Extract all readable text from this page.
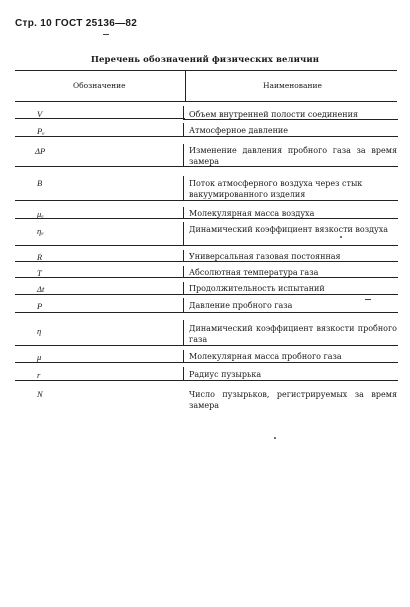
Стр. 10 ГОСТ 25136—82
Перечень обозначений физических величин
Обозначение	Наименование
V	Объем внутренней полости соединения
Pₐ	Атмосферное давление
ΔP	Изменение давления пробного газа за время замера
B	Поток атмосферного воздуха через стык вакуумированного изделия
μₐ	Молекулярная масса воздуха
ηₐ	Динамический коэффициент вязкости воздуха
R	Универсальная газовая постоянная
T	Абсолютная температура газа
Δt	Продолжительность испытаний
P	Давление пробного газа
η	Динамический коэффициент вязкости пробного газа
μ	Молекулярная масса пробного газа
r	Радиус пузырька
N	Число пузырьков, регистрируемых за время замера
